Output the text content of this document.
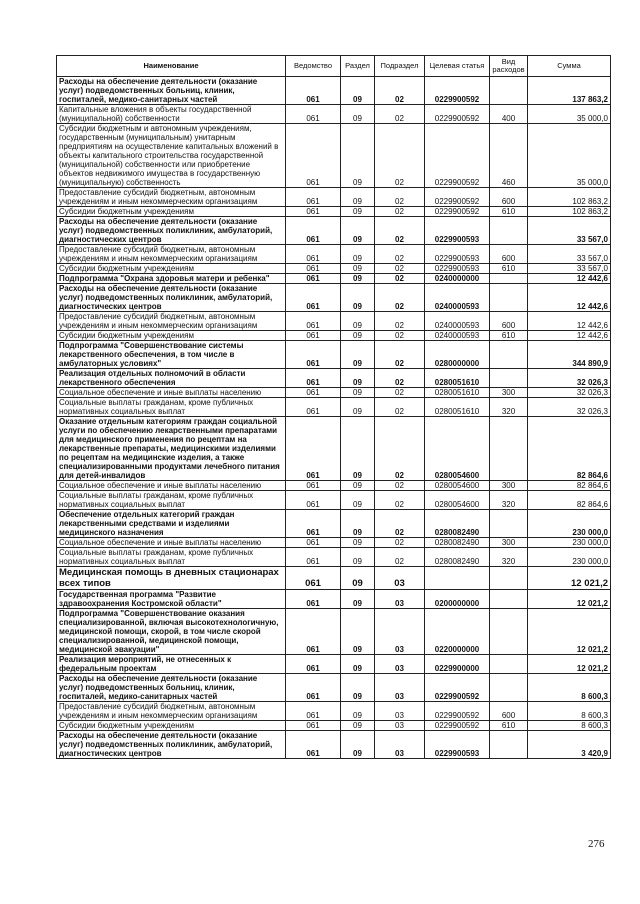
Наименование	Ведомство	Раздел	Подраздел	Целевая статья	Вид расходов	Сумма
Расходы на обеспечение деятельности (оказание услуг) подведомственных больниц, клиник, госпиталей, медико-санитарных частей	061	09	02	0229900592		137 863,2
Капитальные вложения в объекты государственной (муниципальной) собственности	061	09	02	0229900592	400	35 000,0
Субсидии бюджетным и автономным учреждениям, государственным (муниципальным) унитарным предприятиям на осуществление капитальных вложений в объекты капитального строительства государственной (муниципальной) собственности или приобретение объектов недвижимого имущества в государственную (муниципальную) собственность	061	09	02	0229900592	460	35 000,0
Предоставление субсидий бюджетным, автономным учреждениям и иным некоммерческим организациям	061	09	02	0229900592	600	102 863,2
Субсидии бюджетным учреждениям	061	09	02	0229900592	610	102 863,2
Расходы на обеспечение деятельности (оказание услуг) подведомственных поликлиник, амбулаторий, диагностических центров	061	09	02	0229900593		33 567,0
Предоставление субсидий бюджетным, автономным учреждениям и иным некоммерческим организациям	061	09	02	0229900593	600	33 567,0
Субсидии бюджетным учреждениям	061	09	02	0229900593	610	33 567,0
Подпрограмма "Охрана здоровья матери и ребенка"	061	09	02	0240000000		12 442,6
Расходы на обеспечение деятельности (оказание услуг) подведомственных поликлиник, амбулаторий, диагностических центров	061	09	02	0240000593		12 442,6
Предоставление субсидий бюджетным, автономным учреждениям и иным некоммерческим организациям	061	09	02	0240000593	600	12 442,6
Субсидии бюджетным учреждениям	061	09	02	0240000593	610	12 442,6
Подпрограмма "Совершенствование системы лекарственного обеспечения, в том числе в амбулаторных условиях"	061	09	02	0280000000		344 890,9
Реализация отдельных полномочий в области лекарственного обеспечения	061	09	02	0280051610		32 026,3
Социальное обеспечение и иные выплаты населению	061	09	02	0280051610	300	32 026,3
Социальные выплаты гражданам, кроме публичных нормативных социальных выплат	061	09	02	0280051610	320	32 026,3
Оказание отдельным категориям граждан социальной услуги по обеспечению лекарственными препаратами для медицинского применения по рецептам на лекарственные препараты, медицинскими изделиями по рецептам на медицинские изделия, а также специализированными продуктами лечебного питания для детей-инвалидов	061	09	02	0280054600		82 864,6
Социальное обеспечение и иные выплаты населению	061	09	02	0280054600	300	82 864,6
Социальные выплаты гражданам, кроме публичных нормативных социальных выплат	061	09	02	0280054600	320	82 864,6
Обеспечение отдельных категорий граждан лекарственными средствами и изделиями медицинского назначения	061	09	02	0280082490		230 000,0
Социальное обеспечение и иные выплаты населению	061	09	02	0280082490	300	230 000,0
Социальные выплаты гражданам, кроме публичных нормативных социальных выплат	061	09	02	0280082490	320	230 000,0
Медицинская помощь в дневных стационарах всех типов	061	09	03			12 021,2
Государственная программа "Развитие здравоохранения Костромской области"	061	09	03	0200000000		12 021,2
Подпрограмма "Совершенствование оказания специализированной, включая высокотехнологичную, медицинской помощи, скорой, в том числе скорой специализированной, медицинской помощи, медицинской эвакуации"	061	09	03	0220000000		12 021,2
Реализация мероприятий, не отнесенных к федеральным проектам	061	09	03	0229900000		12 021,2
Расходы на обеспечение деятельности (оказание услуг) подведомственных больниц, клиник, госпиталей, медико-санитарных частей	061	09	03	0229900592		8 600,3
Предоставление субсидий бюджетным, автономным учреждениям и иным некоммерческим организациям	061	09	03	0229900592	600	8 600,3
Субсидии бюджетным учреждениям	061	09	03	0229900592	610	8 600,3
Расходы на обеспечение деятельности (оказание услуг) подведомственных поликлиник, амбулаторий, диагностических центров	061	09	03	0229900593		3 420,9
276
